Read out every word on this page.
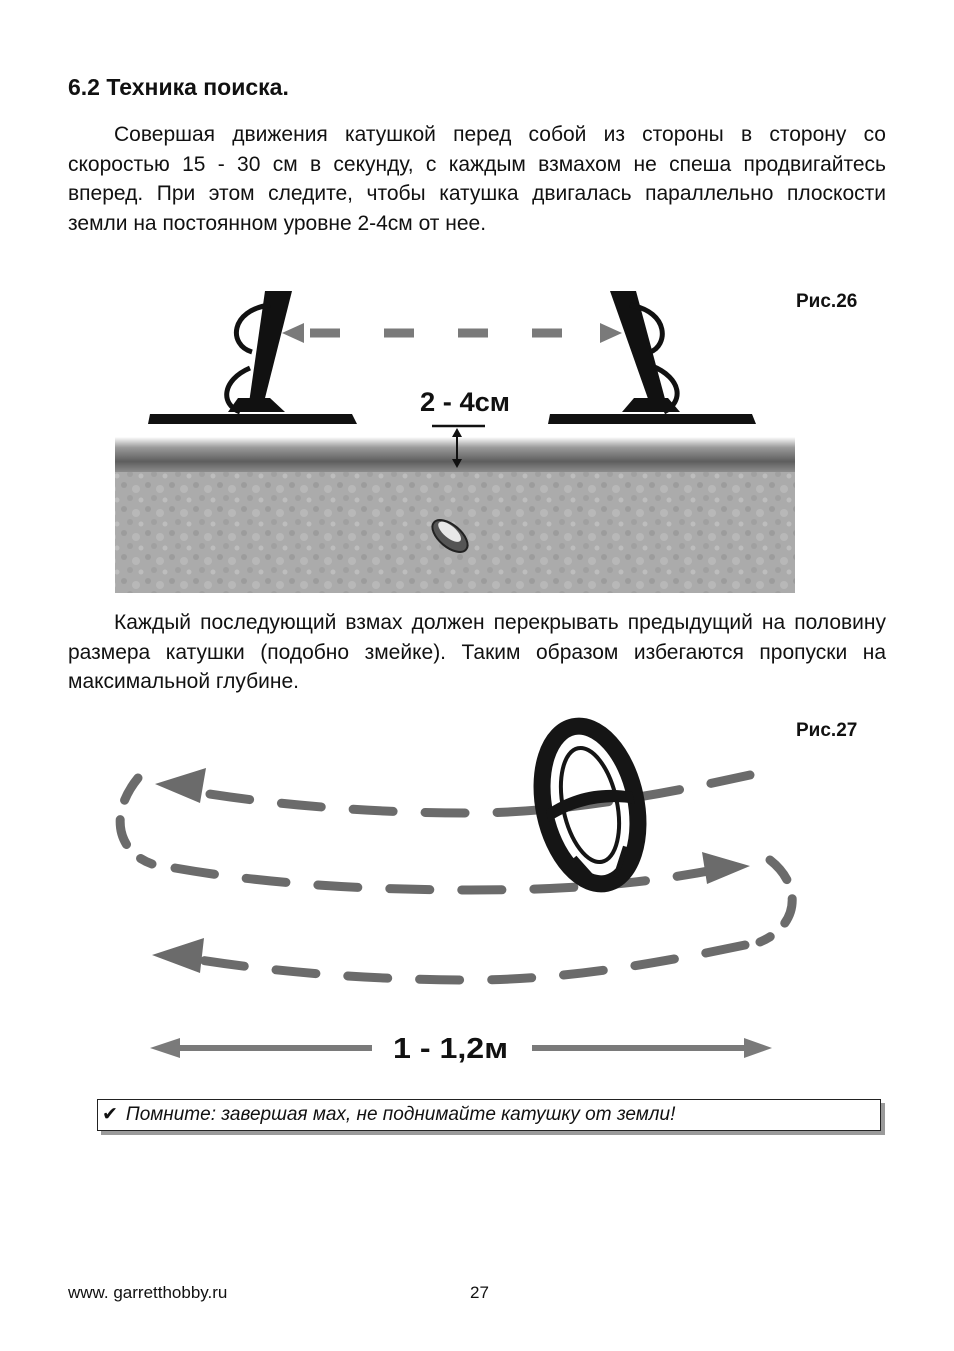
6.2 Техника поиска.

Совершая движения катушкой перед собой из стороны в сторону со скоростью 15 - 30 см в секунду, с каждым взмахом не спеша продвигайтесь вперед. При этом следите, чтобы катушка двигалась параллельно плоскости земли на постоянном уровне 2-4см от нее.

Рис.26
2 - 4см

Каждый последующий взмах должен перекрывать предыдущий на половину размера катушки (подобно змейке). Таким образом избегаются пропуски на максимальной глубине.

Рис.27
1 - 1,2м
✔ Помните: завершая мах, не поднимайте катушку от земли!
www. garretthobby.ru	27
